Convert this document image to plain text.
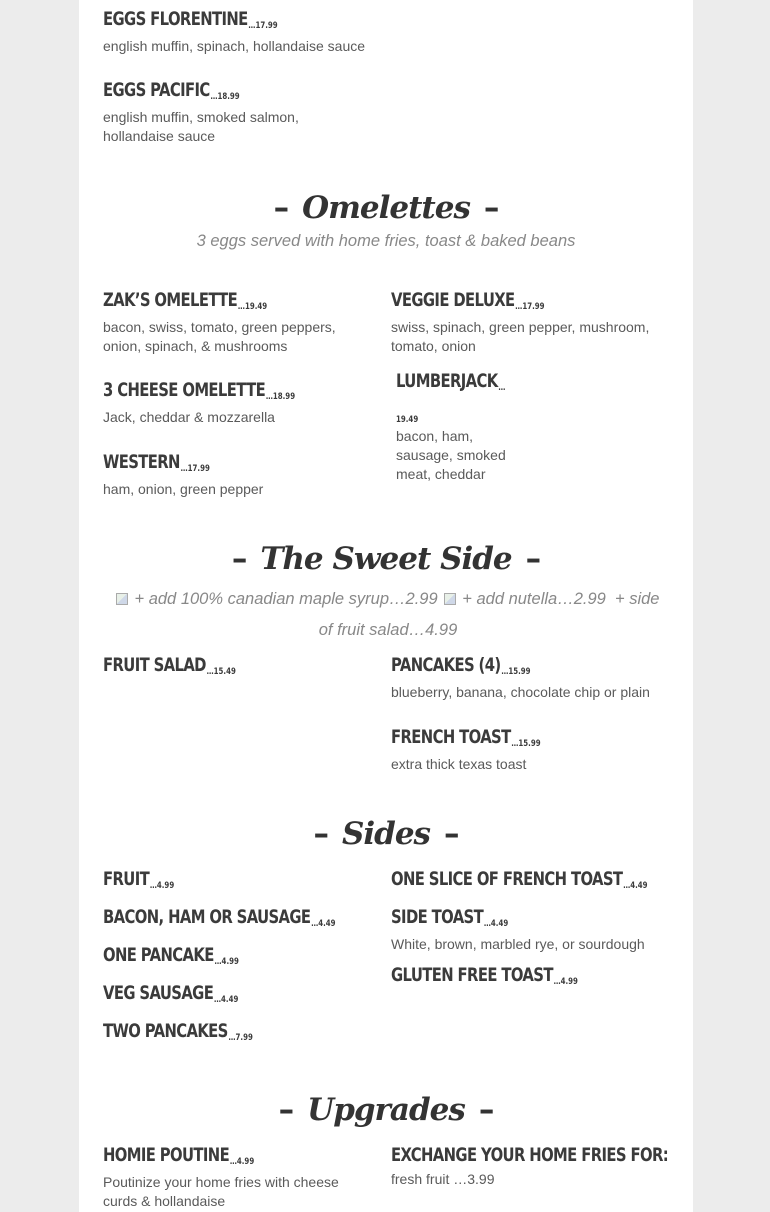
EGGS FLORENTINE…17.99
english muffin, spinach, hollandaise sauce
EGGS PACIFIC…18.99
english muffin, smoked salmon,
hollandaise sauce
– Omelettes –
3 eggs served with home fries, toast & baked beans
ZAK’S OMELETTE…19.49
bacon, swiss, tomato, green peppers,
onion, spinach, & mushrooms
3 CHEESE OMELETTE…18.99
Jack, cheddar & mozzarella
WESTERN…17.99
ham, onion, green pepper
VEGGIE DELUXE…17.99
swiss, spinach, green pepper, mushroom,
tomato, onion
LUMBERJACK…
19.49
bacon, ham,
sausage, smoked
meat, cheddar
– The Sweet Side –
+ add 100% canadian maple syrup…2.99 + add nutella…2.99 + side
of fruit salad…4.99
FRUIT SALAD…15.49	PANCAKES (4)…15.99
blueberry, banana, chocolate chip or plain
FRENCH TOAST…15.99
extra thick texas toast
– Sides –
FRUIT…4.99
BACON, HAM OR SAUSAGE…4.49
ONE PANCAKE…4.99
VEG SAUSAGE…4.49
TWO PANCAKES…7.99
ONE SLICE OF FRENCH TOAST…4.49
SIDE TOAST…4.49
White, brown, marbled rye, or sourdough
GLUTEN FREE TOAST…4.99
– Upgrades –
HOMIE POUTINE…4.99
Poutinize your home fries with cheese
curds & hollandaise
EXCHANGE YOUR HOME FRIES FOR:
fresh fruit …3.99
